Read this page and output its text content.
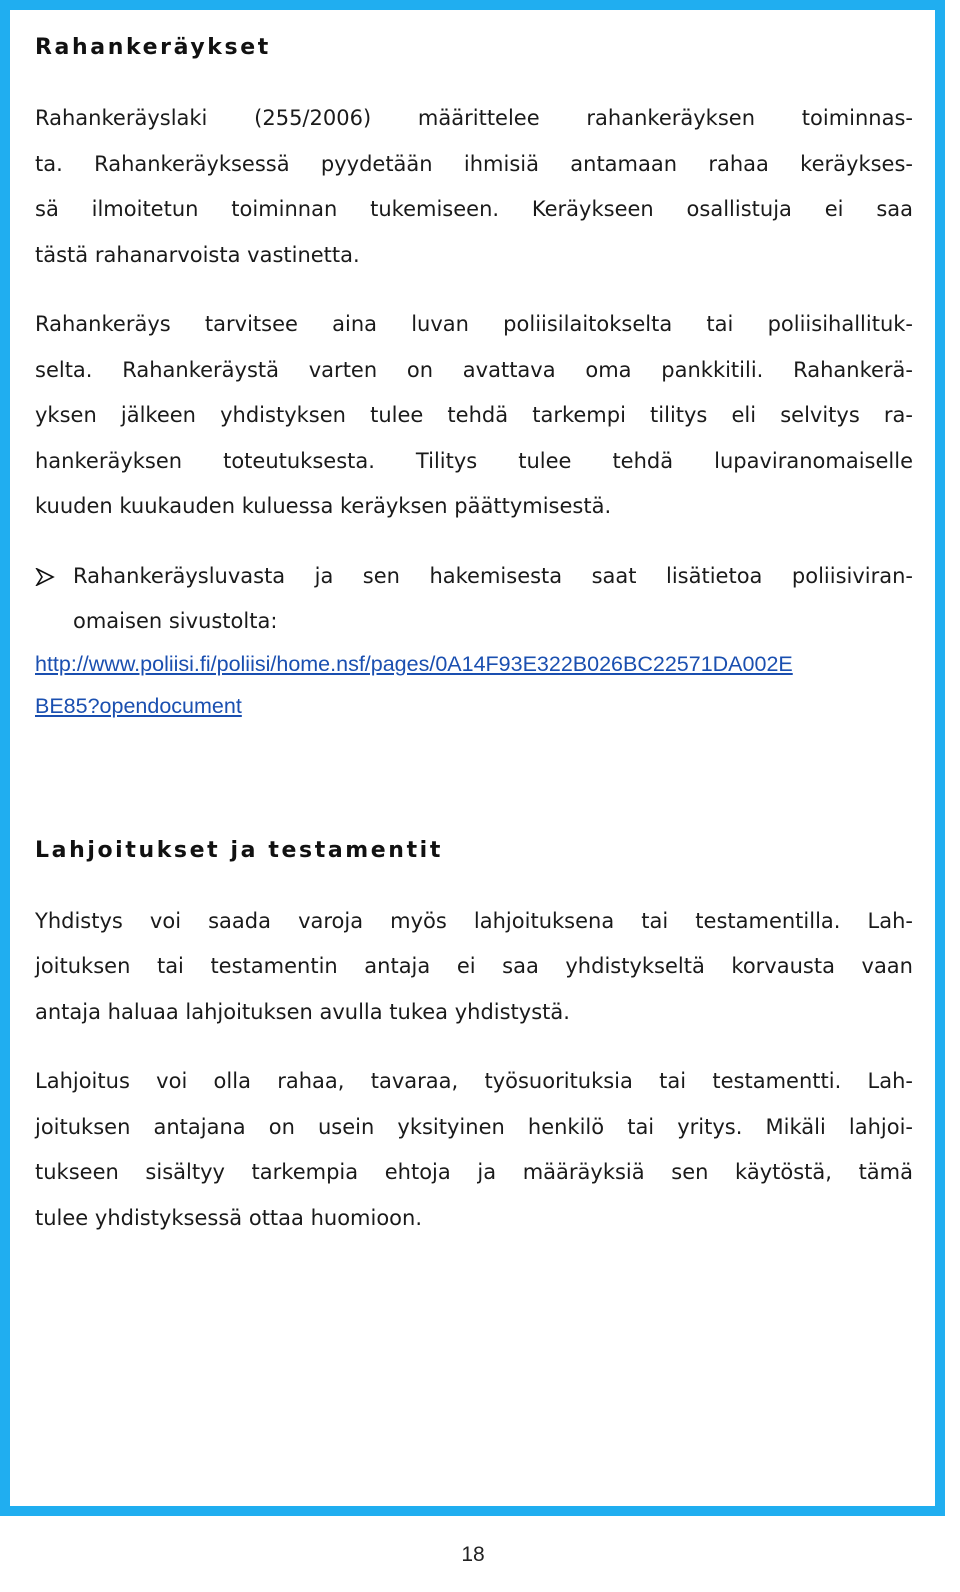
Rahankeräykset

Rahankeräyslaki (255/2006) määrittelee rahankeräyksen toiminnas-
ta. Rahankeräyksessä pyydetään ihmisiä antamaan rahaa keräykses-
sä ilmoitetun toiminnan tukemiseen. Keräykseen osallistuja ei saa
tästä rahanarvoista vastinetta.

Rahankeräys tarvitsee aina luvan poliisilaitokselta tai poliisihallituk-
selta. Rahankeräystä varten on avattava oma pankkitili. Rahankerä-
yksen jälkeen yhdistyksen tulee tehdä tarkempi tilitys eli selvitys ra-
hankeräyksen toteutuksesta. Tilitys tulee tehdä lupaviranomaiselle
kuuden kuukauden kuluessa keräyksen päättymisestä.

Rahankeräysluvasta ja sen hakemisesta saat lisätietoa poliisiviran-
omaisen sivustolta:
http://www.poliisi.fi/poliisi/home.nsf/pages/0A14F93E322B026BC22571DA002E
BE85?opendocument
Lahjoitukset ja testamentit

Yhdistys voi saada varoja myös lahjoituksena tai testamentilla. Lah-
joituksen tai testamentin antaja ei saa yhdistykseltä korvausta vaan
antaja haluaa lahjoituksen avulla tukea yhdistystä.

Lahjoitus voi olla rahaa, tavaraa, työsuorituksia tai testamentti. Lah-
joituksen antajana on usein yksityinen henkilö tai yritys. Mikäli lahjoi-
tukseen sisältyy tarkempia ehtoja ja määräyksiä sen käytöstä, tämä
tulee yhdistyksessä ottaa huomioon.

18
